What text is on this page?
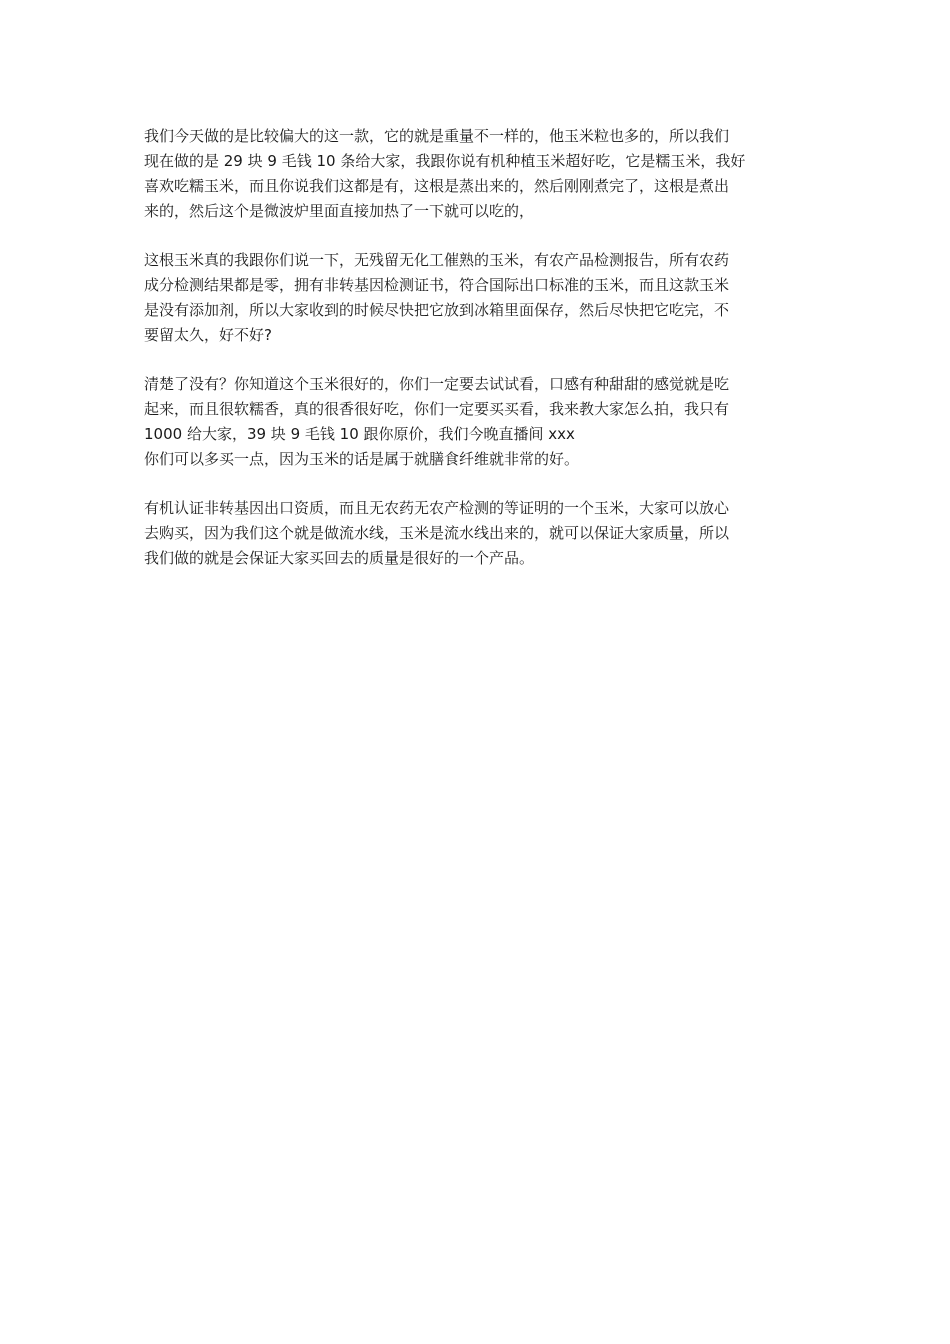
我们今天做的是比较偏大的这一款，它的就是重量不一样的，他玉米粒也多的，所以我们
现在做的是 29 块 9 毛钱 10 条给大家，我跟你说有机种植玉米超好吃，它是糯玉米，我好
喜欢吃糯玉米，而且你说我们这都是有，这根是蒸出来的，然后刚刚煮完了，这根是煮出
来的，然后这个是微波炉里面直接加热了一下就可以吃的，

这根玉米真的我跟你们说一下，无残留无化工催熟的玉米，有农产品检测报告，所有农药
成分检测结果都是零，拥有非转基因检测证书，符合国际出口标准的玉米，而且这款玉米
是没有添加剂，所以大家收到的时候尽快把它放到冰箱里面保存，然后尽快把它吃完，不
要留太久，好不好?

清楚了没有？你知道这个玉米很好的，你们一定要去试试看，口感有种甜甜的感觉就是吃
起来，而且很软糯香，真的很香很好吃，你们一定要买买看，我来教大家怎么拍，我只有
1000 给大家，39 块 9 毛钱 10 跟你原价，我们今晚直播间 xxx
你们可以多买一点，因为玉米的话是属于就膳食纤维就非常的好。

有机认证非转基因出口资质，而且无农药无农产检测的等证明的一个玉米，大家可以放心
去购买，因为我们这个就是做流水线，玉米是流水线出来的，就可以保证大家质量，所以
我们做的就是会保证大家买回去的质量是很好的一个产品。
